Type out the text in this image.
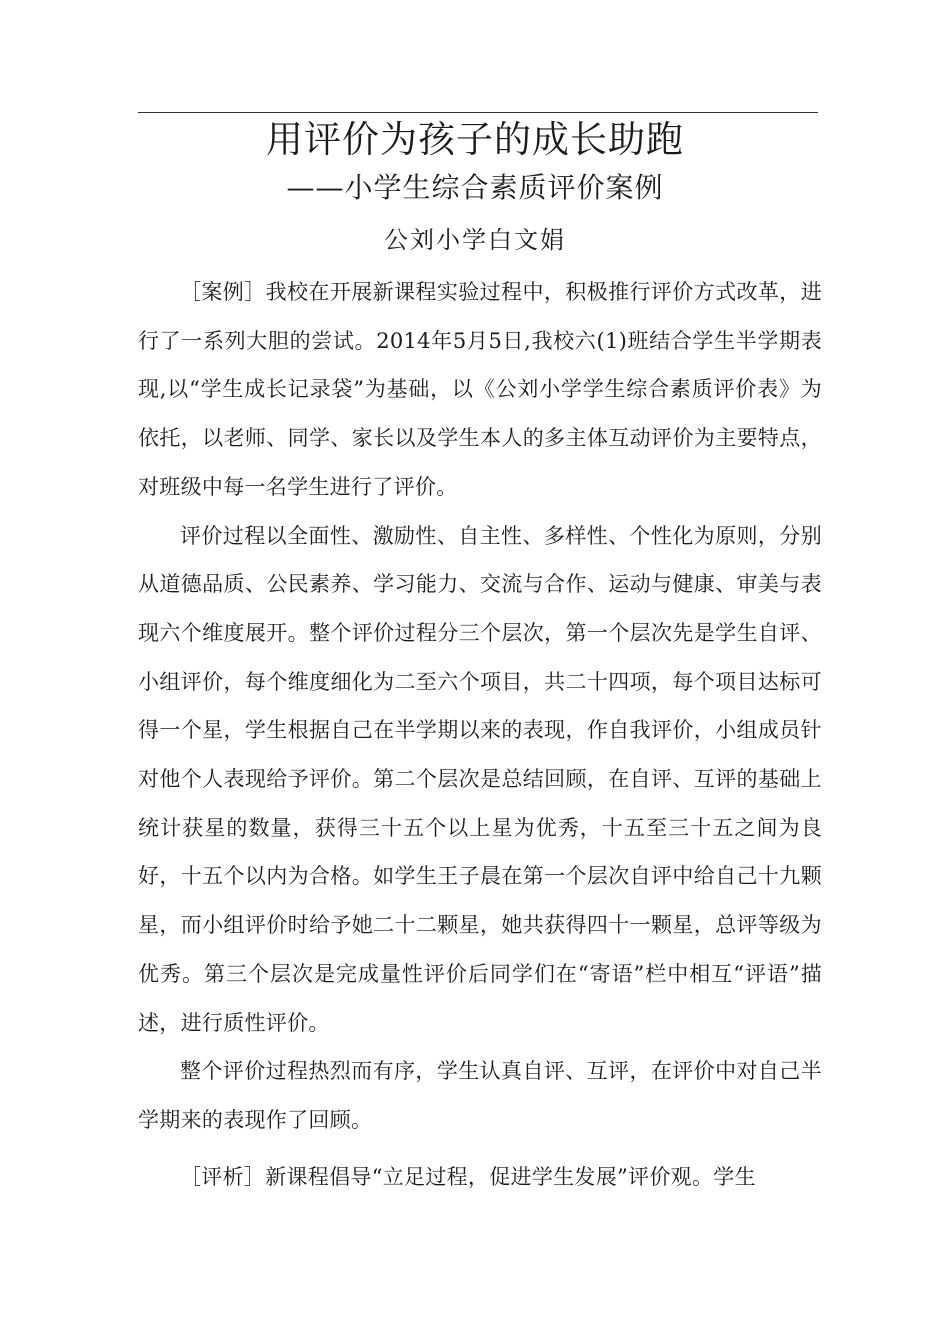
用评价为孩子的成长助跑
——小学生综合素质评价案例
公刘小学白文娟

［案例］我校在开展新课程实验过程中，积极推行评价方式改革，进行了一系列大胆的尝试。2014年5月5日,我校六(1)班结合学生半学期表现,以“学生成长记录袋”为基础，以《公刘小学学生综合素质评价表》为依托，以老师、同学、家长以及学生本人的多主体互动评价为主要特点，对班级中每一名学生进行了评价。

评价过程以全面性、激励性、自主性、多样性、个性化为原则，分别从道德品质、公民素养、学习能力、交流与合作、运动与健康、审美与表现六个维度展开。整个评价过程分三个层次，第一个层次先是学生自评、小组评价，每个维度细化为二至六个项目，共二十四项，每个项目达标可得一个星，学生根据自己在半学期以来的表现，作自我评价，小组成员针对他个人表现给予评价。第二个层次是总结回顾，在自评、互评的基础上统计获星的数量，获得三十五个以上星为优秀，十五至三十五之间为良好，十五个以内为合格。如学生王子晨在第一个层次自评中给自己十九颗星，而小组评价时给予她二十二颗星，她共获得四十一颗星，总评等级为优秀。第三个层次是完成量性评价后同学们在“寄语”栏中相互“评语”描述，进行质性评价。

整个评价过程热烈而有序，学生认真自评、互评，在评价中对自己半学期来的表现作了回顾。

［评析］新课程倡导“立足过程，促进学生发展”评价观。学生
